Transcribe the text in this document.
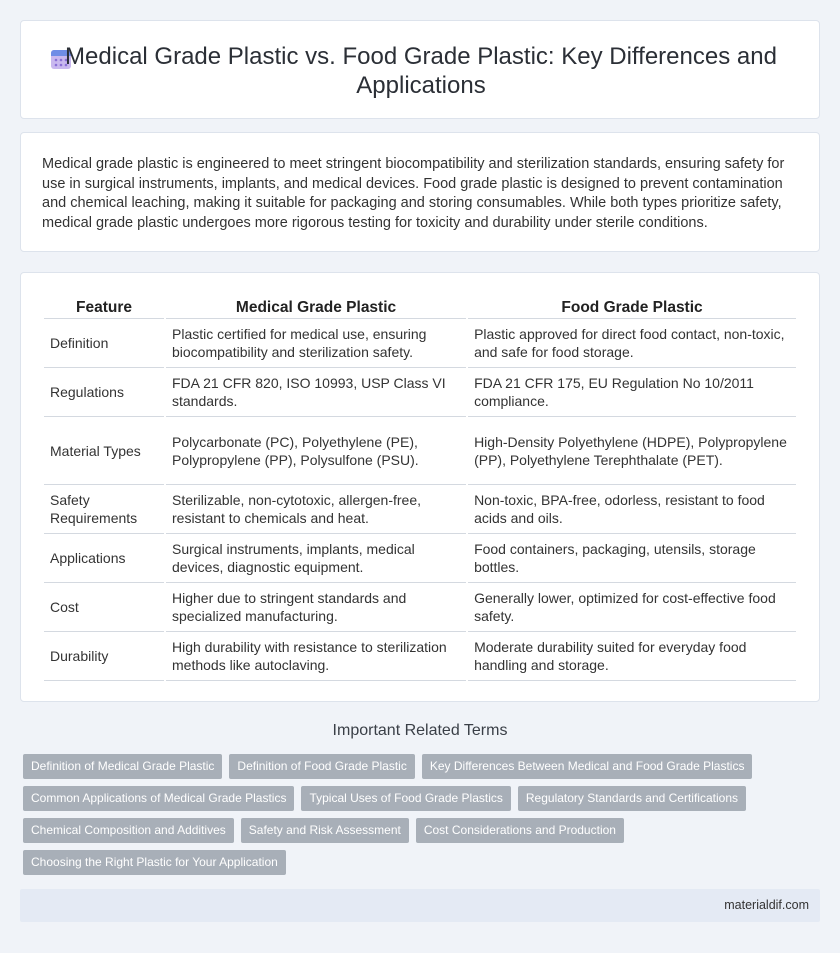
Medical Grade Plastic vs. Food Grade Plastic: Key Differences and Applications

Medical grade plastic is engineered to meet stringent biocompatibility and sterilization standards, ensuring safety for use in surgical instruments, implants, and medical devices. Food grade plastic is designed to prevent contamination and chemical leaching, making it suitable for packaging and storing consumables. While both types prioritize safety, medical grade plastic undergoes more rigorous testing for toxicity and durability under sterile conditions.

Feature	Medical Grade Plastic	Food Grade Plastic
Definition	Plastic certified for medical use, ensuring biocompatibility and sterilization safety.	Plastic approved for direct food contact, non-toxic, and safe for food storage.
Regulations	FDA 21 CFR 820, ISO 10993, USP Class VI standards.	FDA 21 CFR 175, EU Regulation No 10/2011 compliance.
Material Types	Polycarbonate (PC), Polyethylene (PE), Polypropylene (PP), Polysulfone (PSU).	High-Density Polyethylene (HDPE), Polypropylene (PP), Polyethylene Terephthalate (PET).
Safety Requirements	Sterilizable, non-cytotoxic, allergen-free, resistant to chemicals and heat.	Non-toxic, BPA-free, odorless, resistant to food acids and oils.
Applications	Surgical instruments, implants, medical devices, diagnostic equipment.	Food containers, packaging, utensils, storage bottles.
Cost	Higher due to stringent standards and specialized manufacturing.	Generally lower, optimized for cost-effective food safety.
Durability	High durability with resistance to sterilization methods like autoclaving.	Moderate durability suited for everyday food handling and storage.
Important Related Terms
Definition of Medical Grade Plastic	Definition of Food Grade Plastic	Key Differences Between Medical and Food Grade Plastics
Common Applications of Medical Grade Plastics	Typical Uses of Food Grade Plastics	Regulatory Standards and Certifications
Chemical Composition and Additives	Safety and Risk Assessment	Cost Considerations and Production
Choosing the Right Plastic for Your Application
materialdif.com
